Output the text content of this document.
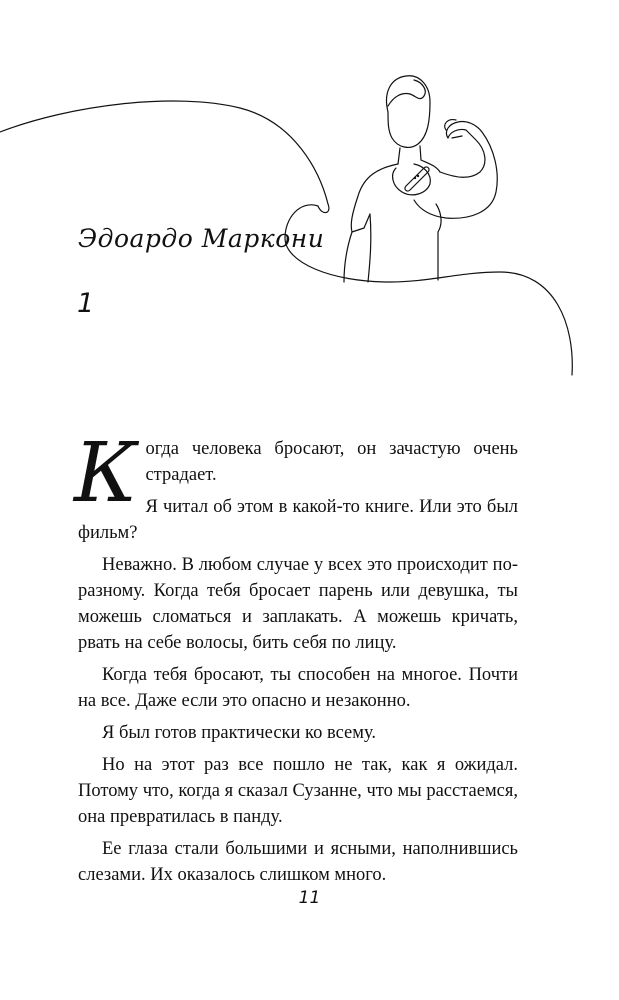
Эдоардо Маркони
1

Когда человека бросают, он зачастую очень страдает.

Я читал об этом в какой-то книге. Или это был фильм?

Неважно. В любом случае у всех это происходит по-разному. Когда тебя бросает парень или девушка, ты можешь сломаться и заплакать. А можешь кричать, рвать на себе волосы, бить себя по лицу.

Когда тебя бросают, ты способен на многое. Почти на все. Даже если это опасно и незаконно.

Я был готов практически ко всему.

Но на этот раз все пошло не так, как я ожидал. Потому что, когда я сказал Сузанне, что мы расстаемся, она превратилась в панду.

Ее глаза стали большими и ясными, наполнившись слезами. Их оказалось слишком много.

11
